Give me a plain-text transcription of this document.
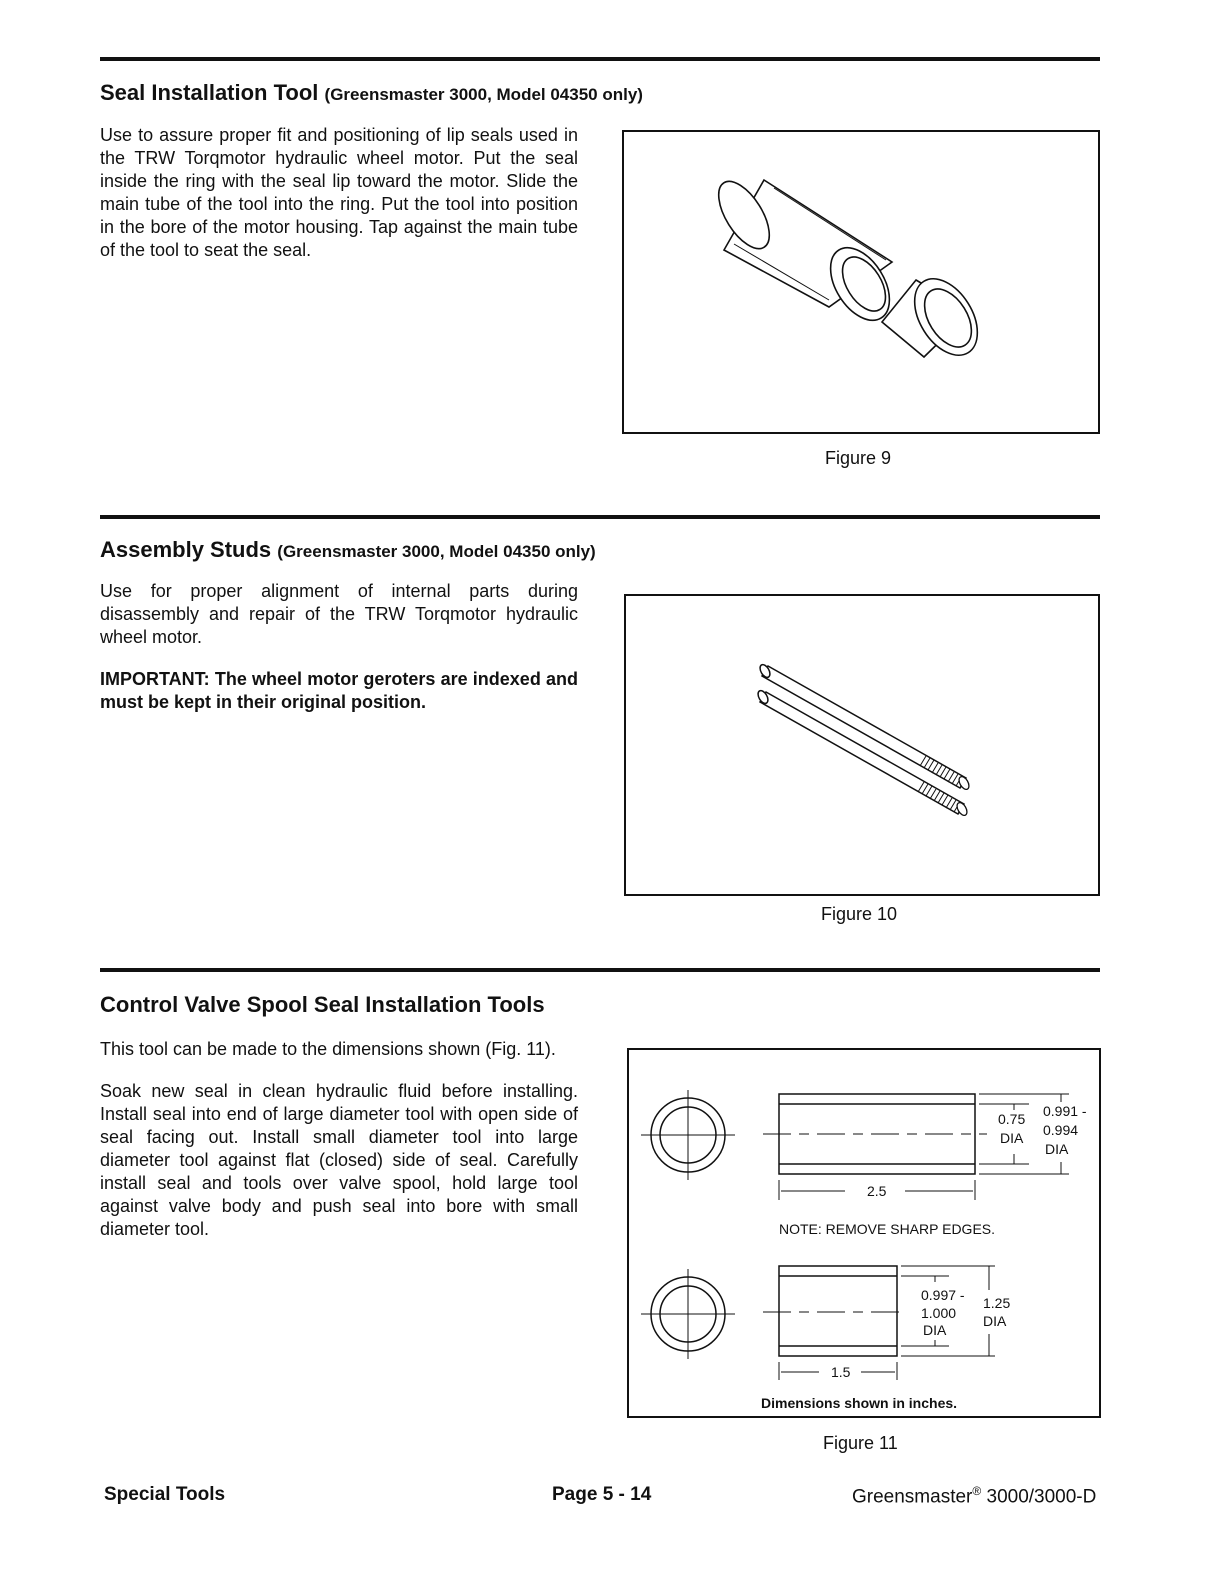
Seal Installation Tool (Greensmaster 3000, Model 04350 only)

Use to assure proper fit and positioning of lip seals used in the TRW Torqmotor hydraulic wheel motor. Put the seal inside the ring with the seal lip toward the motor. Slide the main tube of the tool into the ring. Put the tool into position in the bore of the motor housing. Tap against the main tube of the tool to seat the seal.

Figure 9
Assembly Studs (Greensmaster 3000, Model 04350 only)

Use for proper alignment of internal parts during disassembly and repair of the TRW Torqmotor hydraulic wheel motor.

IMPORTANT: The wheel motor geroters are indexed and must be kept in their original position.

Figure 10
Control Valve Spool Seal Installation Tools

This tool can be made to the dimensions shown (Fig. 11).

Soak new seal in clean hydraulic fluid before installing. Install seal into end of large diameter tool with open side of seal facing out. Install small diameter tool into large diameter tool against flat (closed) side of seal. Carefully install seal and tools over valve spool, hold large tool against valve body and push seal into bore with small diameter tool.

0.75
DIA
0.991 -
0.994
DIA
2.5
NOTE: REMOVE SHARP EDGES.
0.997 -
1.000
DIA
1.25
DIA
1.5
Dimensions shown in inches.
Figure 11
Special Tools	Page 5 - 14	Greensmaster® 3000/3000-D
